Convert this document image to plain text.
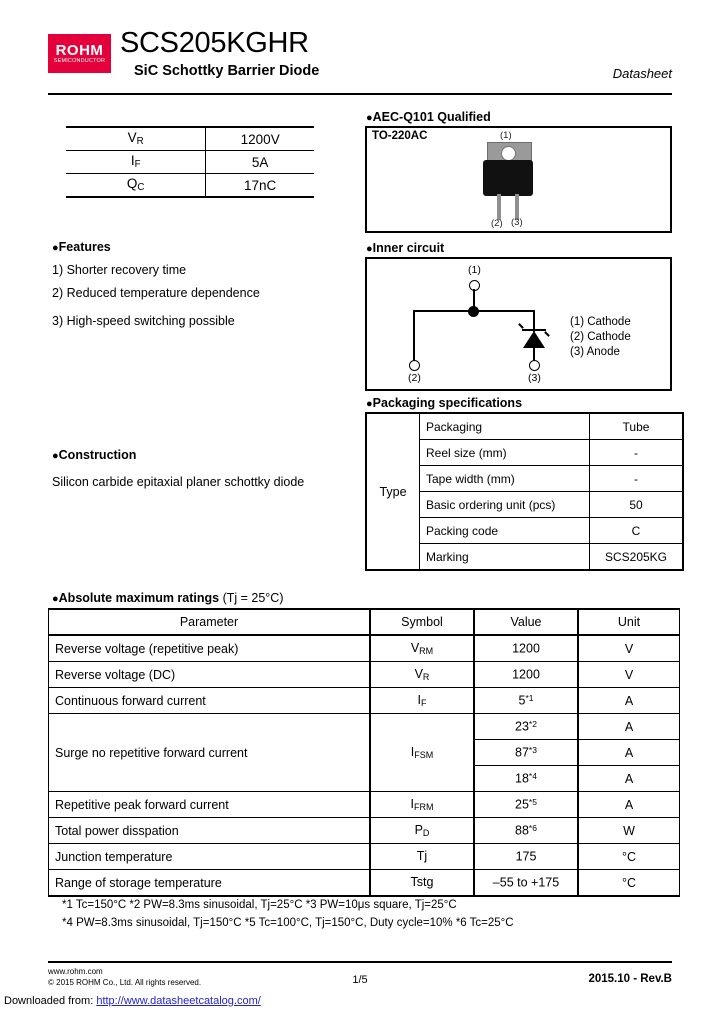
ROHM
SEMICONDUCTOR
SCS205KGHR
SiC Schottky Barrier Diode	Datasheet
$V_R$	1200V
$I_F$	5A
$Q_C$	17nC
●Features
1) Shorter recovery time
2) Reduced temperature dependence
3) High-speed switching possible
●Construction
Silicon carbide epitaxial planer schottky diode
●AEC-Q101 Qualified
TO-220AC	(1)
(2) (3)
●Inner circuit
(1)
(2)	(3)
(1) Cathode
(2) Cathode
(3) Anode
●Packaging specifications
Type	Packaging	Tube
	Reel size (mm)	-
	Tape width (mm)	-
	Basic ordering unit (pcs)	50
	Packing code	C
	Marking	SCS205KG
●Absolute maximum ratings (Tj = 25°C)
Parameter	Symbol	Value	Unit
Reverse voltage (repetitive peak)	$V_{RM}$	1200	V
Reverse voltage (DC)	$V_R$	1200	V
Continuous forward current	$I_F$	5$^{*1}$	A
Surge no repetitive forward current	$I_{FSM}$	23$^{*2}$	A
		87$^{*3}$	A
		18$^{*4}$	A
Repetitive peak forward current	$I_{FRM}$	25$^{*5}$	A
Total power disspation	$P_D$	88$^{*6}$	W
Junction temperature	Tj	175	°C
Range of storage temperature	Tstg	–55 to +175	°C
*1 Tc=150°C *2 PW=8.3ms sinusoidal, Tj=25°C *3 PW=10μs square, Tj=25°C
*4 PW=8.3ms sinusoidal, Tj=150°C *5 Tc=100°C, Tj=150°C, Duty cycle=10% *6 Tc=25°C
www.rohm.com
© 2015 ROHM Co., Ltd. All rights reserved.	1/5	2015.10 - Rev.B
Downloaded from: http://www.datasheetcatalog.com/
